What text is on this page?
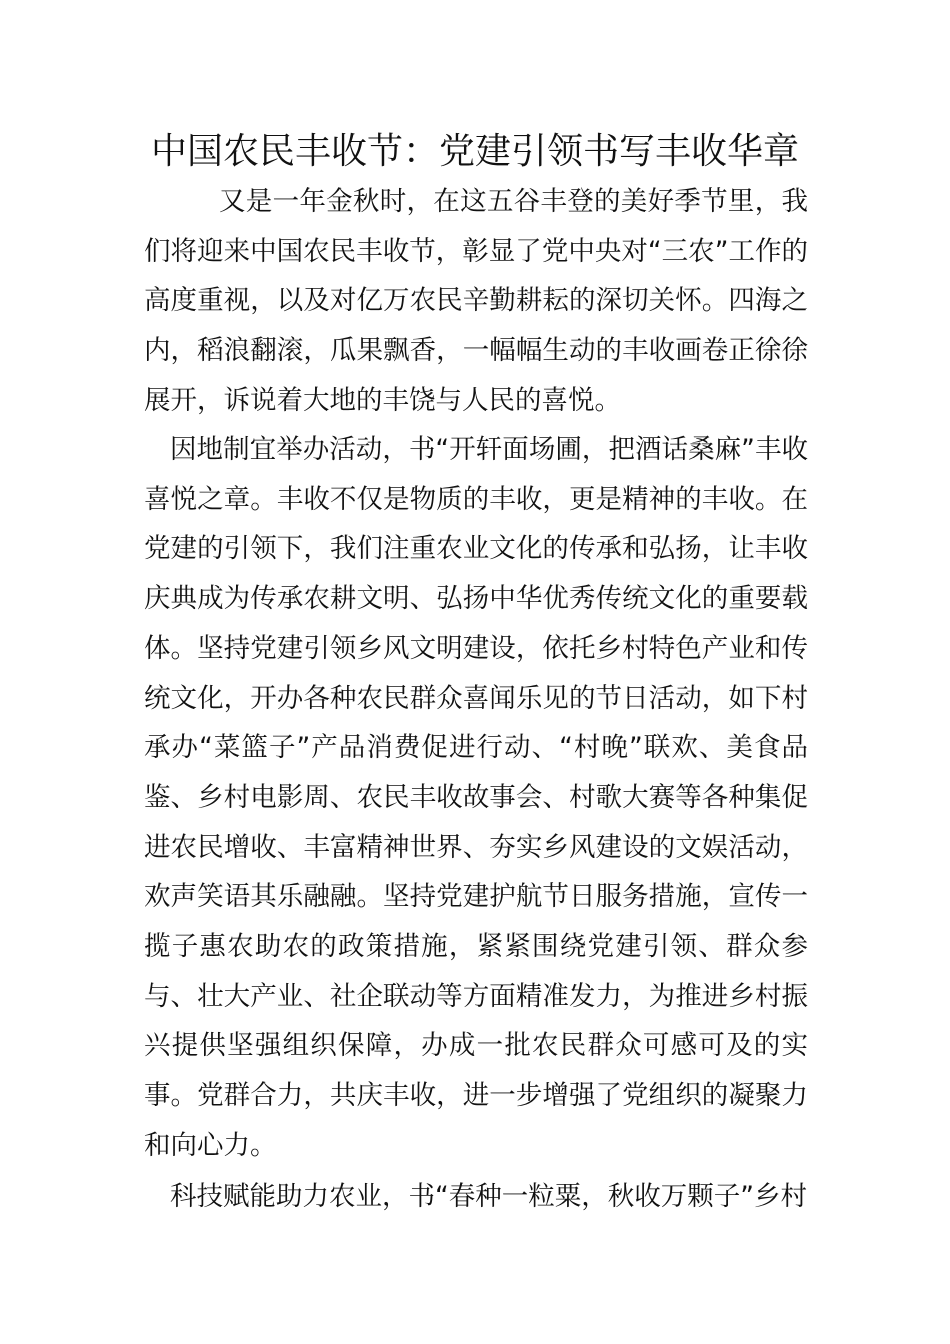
中国农民丰收节：党建引领书写丰收华章

又是一年金秋时，在这五谷丰登的美好季节里，我们将迎来中国农民丰收节，彰显了党中央对“三农”工作的高度重视，以及对亿万农民辛勤耕耘的深切关怀。四海之内，稻浪翻滚，瓜果飘香，一幅幅生动的丰收画卷正徐徐展开，诉说着大地的丰饶与人民的喜悦。

因地制宜举办活动，书“开轩面场圃，把酒话桑麻”丰收喜悦之章。丰收不仅是物质的丰收，更是精神的丰收。在党建的引领下，我们注重农业文化的传承和弘扬，让丰收庆典成为传承农耕文明、弘扬中华优秀传统文化的重要载体。坚持党建引领乡风文明建设，依托乡村特色产业和传统文化，开办各种农民群众喜闻乐见的节日活动，如下村承办“菜篮子”产品消费促进行动、“村晚”联欢、美食品鉴、乡村电影周、农民丰收故事会、村歌大赛等各种集促进农民增收、丰富精神世界、夯实乡风建设的文娱活动，欢声笑语其乐融融。坚持党建护航节日服务措施，宣传一揽子惠农助农的政策措施，紧紧围绕党建引领、群众参与、壮大产业、社企联动等方面精准发力，为推进乡村振兴提供坚强组织保障，办成一批农民群众可感可及的实事。党群合力，共庆丰收，进一步增强了党组织的凝聚力和向心力。

科技赋能助力农业，书“春种一粒粟，秋收万颗子”乡村
